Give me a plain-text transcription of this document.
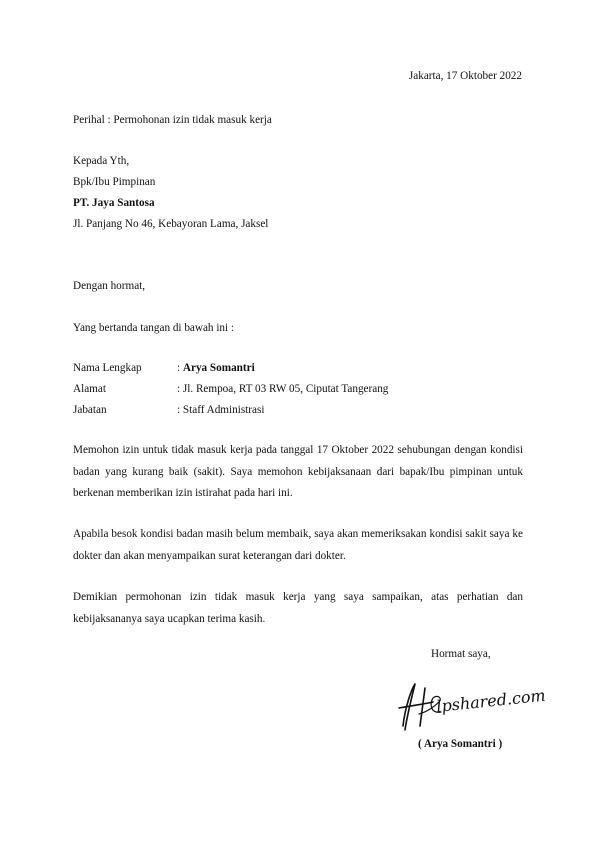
Jakarta, 17 Oktober 2022
Perihal : Permohonan izin tidak masuk kerja
Kepada Yth,
Bpk/Ibu Pimpinan
PT. Jaya Santosa
Jl. Panjang No 46, Kebayoran Lama, Jaksel
Dengan hormat,
Yang bertanda tangan di bawah ini :
Nama Lengkap	: Arya Somantri
Alamat	: Jl. Rempoa, RT 03 RW 05, Ciputat Tangerang
Jabatan	: Staff Administrasi
Memohon izin untuk tidak masuk kerja pada tanggal 17 Oktober 2022 sehubungan dengan kondisi badan yang kurang baik (sakit). Saya memohon kebijaksanaan dari bapak/Ibu pimpinan untuk berkenan memberikan izin istirahat pada hari ini.
Apabila besok kondisi badan masih belum membaik, saya akan memeriksakan kondisi sakit saya ke dokter dan akan menyampaikan surat keterangan dari dokter.
Demikian permohonan izin tidak masuk kerja yang saya sampaikan, atas perhatian dan kebijaksananya saya ucapkan terima kasih.
Hormat saya,
lpshared.com
( Arya Somantri )
